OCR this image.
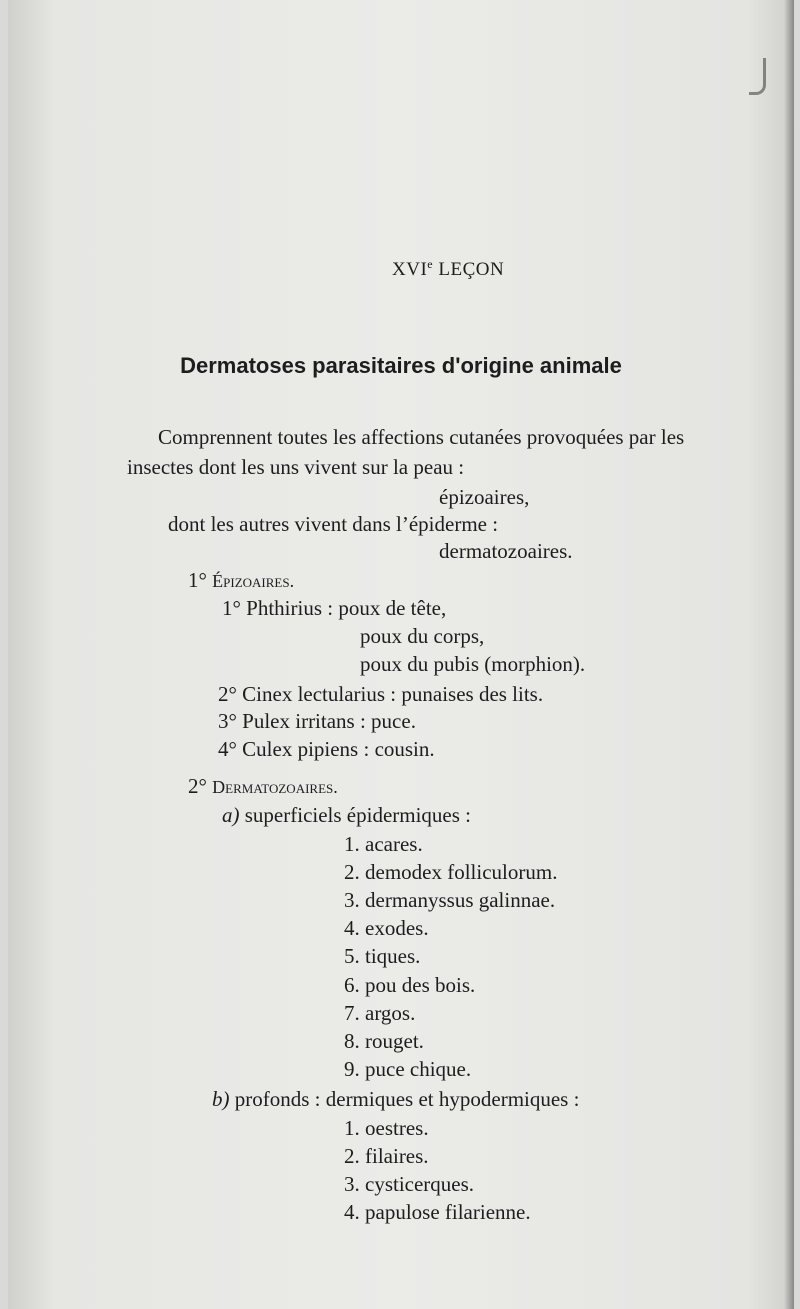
XVIe LEÇON
Dermatoses parasitaires d'origine animale
Comprennent toutes les affections cutanées provoquées par les
insectes dont les uns vivent sur la peau :
épizoaires,
dont les autres vivent dans l’épiderme :
dermatozoaires.
1° Épizoaires.
1° Phthirius : poux de tête,
poux du corps,
poux du pubis (morphion).
2° Cinex lectularius : punaises des lits.
3° Pulex irritans : puce.
4° Culex pipiens : cousin.
2° Dermatozoaires.
a) superficiels épidermiques :
1. acares.
2. demodex folliculorum.
3. dermanyssus galinnae.
4. exodes.
5. tiques.
6. pou des bois.
7. argos.
8. rouget.
9. puce chique.
b) profonds : dermiques et hypodermiques :
1. oestres.
2. filaires.
3. cysticerques.
4. papulose filarienne.
